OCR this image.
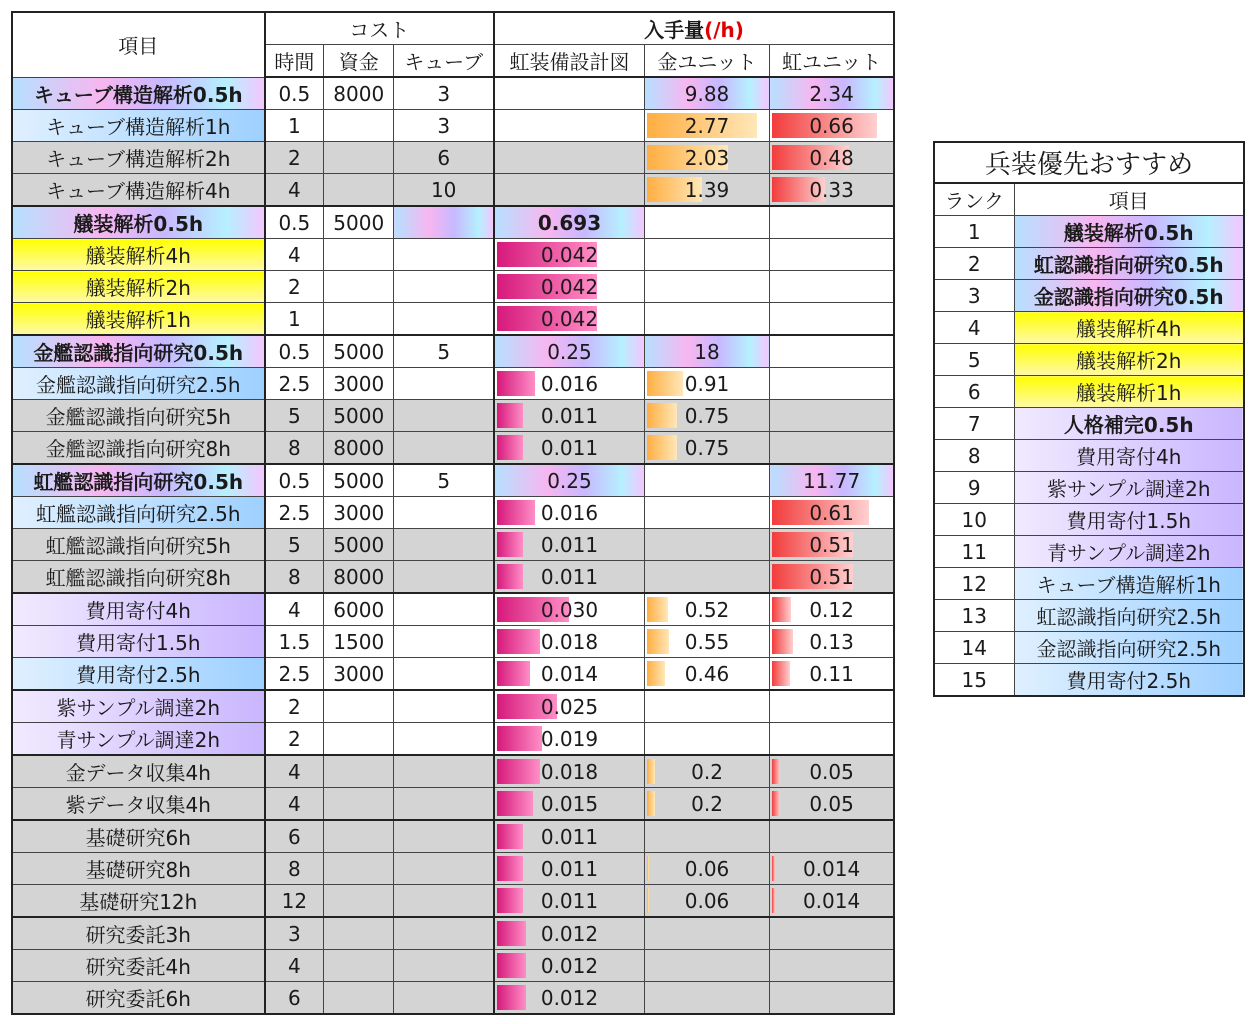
項目	コスト			入手量(/h)		
	時間	資金	キューブ	虹装備設計図	金ユニット	虹ユニット
キューブ構造解析0.5h	0.5	8000	3		9.88	2.34
キューブ構造解析1h	1		3		2.77	0.66
キューブ構造解析2h	2		6		2.03	0.48
キューブ構造解析4h	4		10		1.39	0.33
艤装解析0.5h	0.5	5000		0.693		
艤装解析4h	4			0.042		
艤装解析2h	2			0.042		
艤装解析1h	1			0.042		
金艦認識指向研究0.5h	0.5	5000	5	0.25	18	
金艦認識指向研究2.5h	2.5	3000		0.016	0.91	
金艦認識指向研究5h	5	5000		0.011	0.75	
金艦認識指向研究8h	8	8000		0.011	0.75	
虹艦認識指向研究0.5h	0.5	5000	5	0.25		11.77
虹艦認識指向研究2.5h	2.5	3000		0.016		0.61
虹艦認識指向研究5h	5	5000		0.011		0.51
虹艦認識指向研究8h	8	8000		0.011		0.51
費用寄付4h	4	6000		0.030	0.52	0.12
費用寄付1.5h	1.5	1500		0.018	0.55	0.13
費用寄付2.5h	2.5	3000		0.014	0.46	0.11
紫サンプル調達2h	2			0.025		
青サンプル調達2h	2			0.019		
金データ収集4h	4			0.018	0.2	0.05
紫データ収集4h	4			0.015	0.2	0.05
基礎研究6h	6			0.011		
基礎研究8h	8			0.011	0.06	0.014
基礎研究12h	12			0.011	0.06	0.014
研究委託3h	3			0.012		
研究委託4h	4			0.012		
研究委託6h	6			0.012		
兵装優先おすすめ	
ランク	項目
1	艤装解析0.5h
2	虹認識指向研究0.5h
3	金認識指向研究0.5h
4	艤装解析4h
5	艤装解析2h
6	艤装解析1h
7	人格補完0.5h
8	費用寄付4h
9	紫サンプル調達2h
10	費用寄付1.5h
11	青サンプル調達2h
12	キューブ構造解析1h
13	虹認識指向研究2.5h
14	金認識指向研究2.5h
15	費用寄付2.5h
